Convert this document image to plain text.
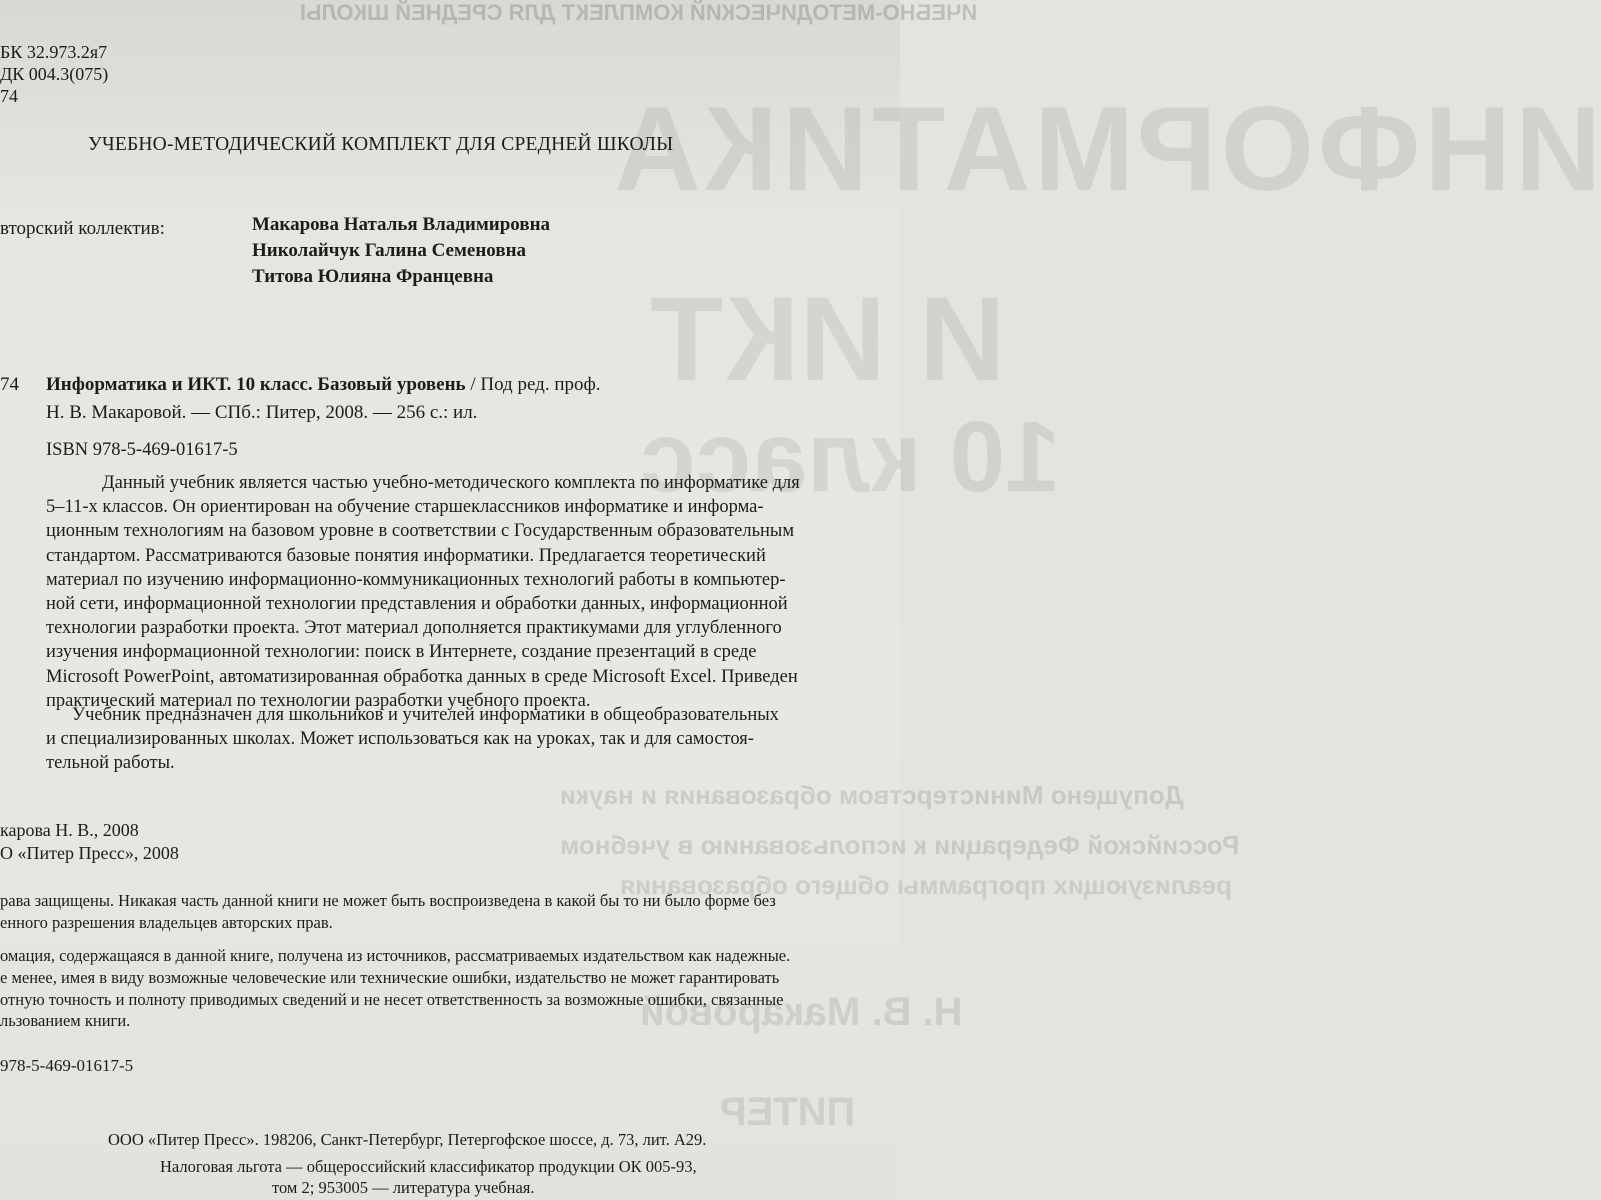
ИЧЕБНО-МЕТОДИЧЕСКИЙ КОМПЛЕКТ ДЛЯ СРЕДНЕЙ ШКОЛЫ
ИНФОРМАТИКА
И ИКТ
10 класс
Допущено Министерством образования и науки
Российской Федерации к использованию в учебном
реализующих программы общего образования
Н. В. Макаровой
ПИТЕР
БК 32.973.2я7
ДК 004.3(075)
74
УЧЕБНО-МЕТОДИЧЕСКИЙ КОМПЛЕКТ ДЛЯ СРЕДНЕЙ ШКОЛЫ
вторский коллектив:	Макарова Наталья Владимировна
Николайчук Галина Семеновна
Титова Юлияна Францевна
74 Информатика и ИКТ. 10 класс. Базовый уровень / Под ред. проф.
Н. В. Макаровой. — СПб.: Питер, 2008. — 256 с.: ил.
ISBN 978-5-469-01617-5
Данный учебник является частью учебно-методического комплекта по информатике для
5–11-х классов. Он ориентирован на обучение старшеклассников информатике и информа-
ционным технологиям на базовом уровне в соответствии с Государственным образовательным
стандартом. Рассматриваются базовые понятия информатики. Предлагается теоретический
материал по изучению информационно-коммуникационных технологий работы в компьютер-
ной сети, информационной технологии представления и обработки данных, информационной
технологии разработки проекта. Этот материал дополняется практикумами для углубленного
изучения информационной технологии: поиск в Интернете, создание презентаций в среде
Microsoft PowerPoint, автоматизированная обработка данных в среде Microsoft Excel. Приведен
практический материал по технологии разработки учебного проекта.
Учебник предназначен для школьников и учителей информатики в общеобразовательных
и специализированных школах. Может использоваться как на уроках, так и для самостоя-
тельной работы.
карова Н. В., 2008
О «Питер Пресс», 2008
рава защищены. Никакая часть данной книги не может быть воспроизведена в какой бы то ни было форме без
енного разрешения владельцев авторских прав.
омация, содержащаяся в данной книге, получена из источников, рассматриваемых издательством как надежные.
е менее, имея в виду возможные человеческие или технические ошибки, издательство не может гарантировать
отную точность и полноту приводимых сведений и не несет ответственность за возможные ошибки, связанные
льзованием книги.
978-5-469-01617-5
ООО «Питер Пресс». 198206, Санкт-Петербург, Петергофское шоссе, д. 73, лит. А29.
Налоговая льгота — общероссийский классификатор продукции ОК 005-93,
том 2; 953005 — литература учебная.
